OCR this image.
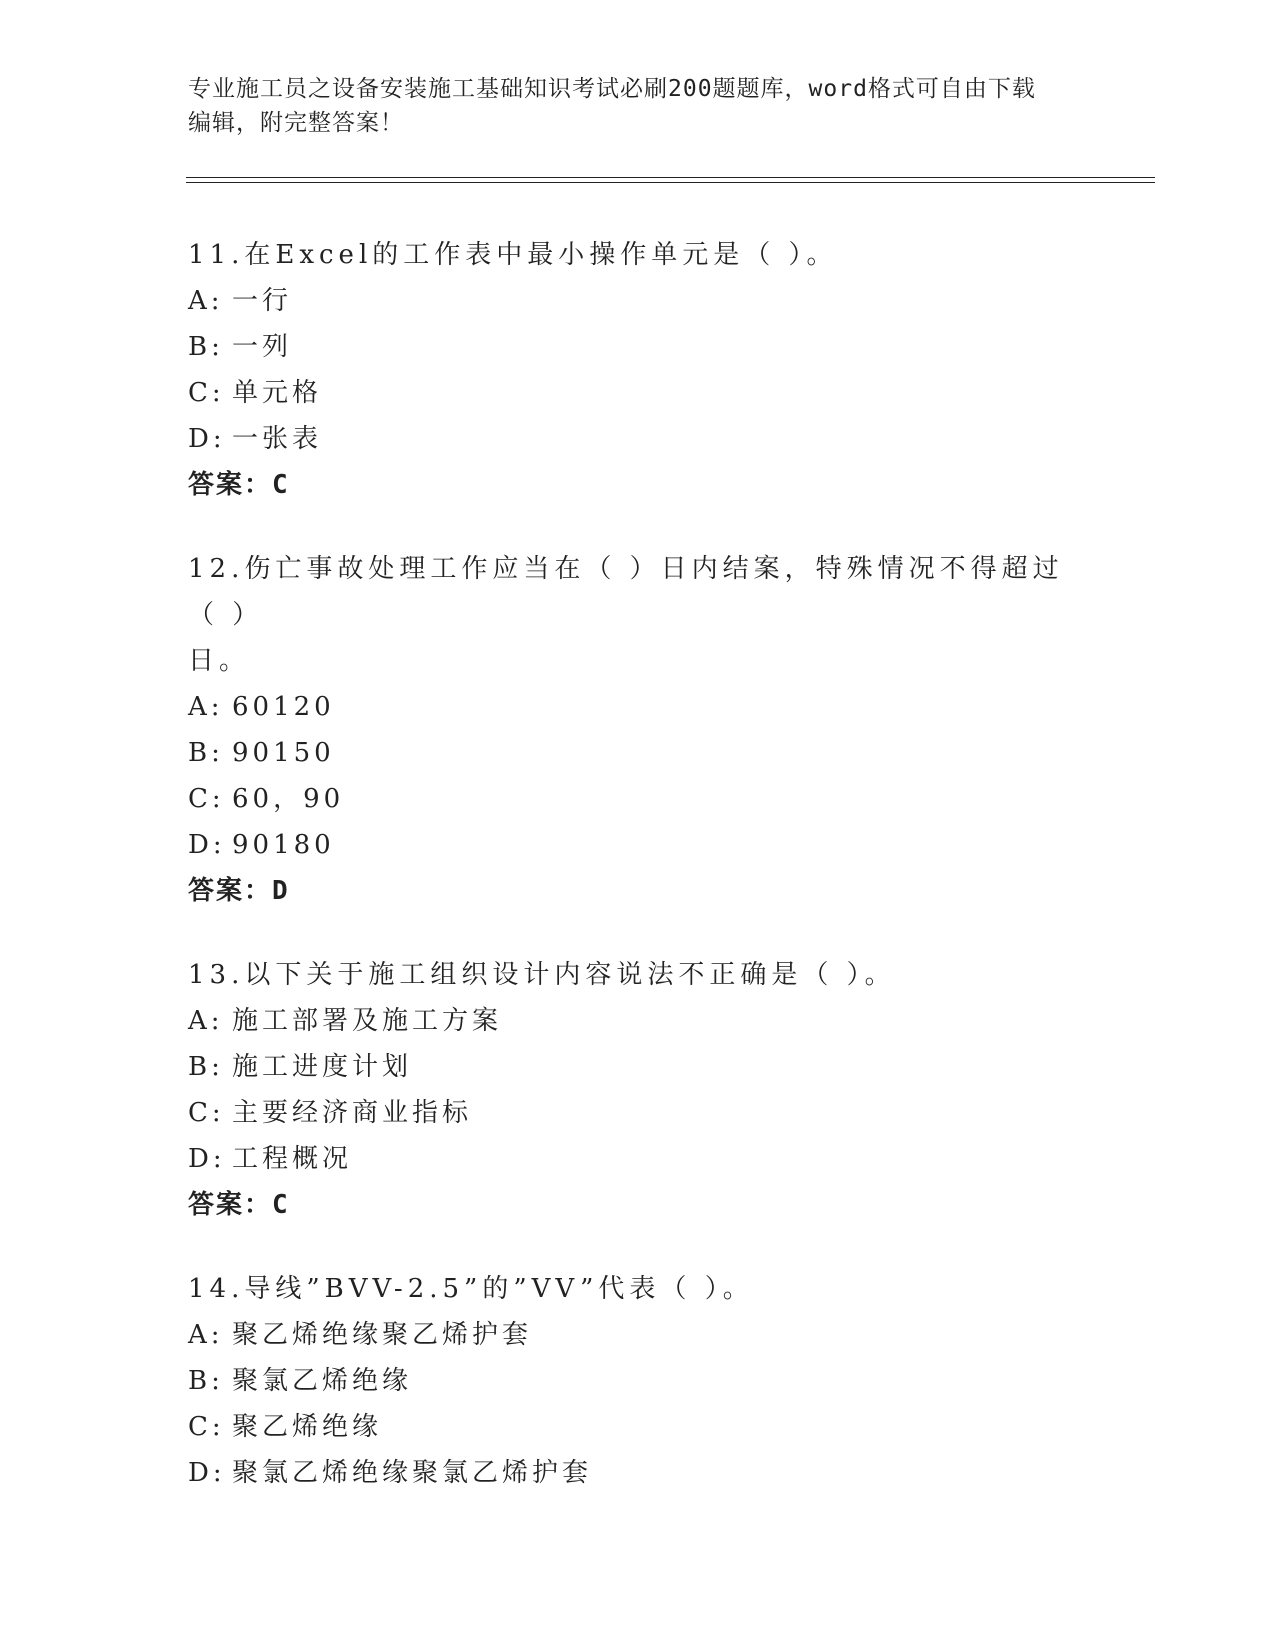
专业施工员之设备安装施工基础知识考试必刷200题题库，word格式可自由下载
编辑，附完整答案！
11.在Excel的工作表中最小操作单元是（ ）。
A: 一行
B: 一列
C: 单元格
D: 一张表
答案：C
12.伤亡事故处理工作应当在（ ）日内结案，特殊情况不得超过（ ）
日。
A: 60120
B: 90150
C: 60，90
D: 90180
答案：D
13.以下关于施工组织设计内容说法不正确是（ ）。
A: 施工部署及施工方案
B: 施工进度计划
C: 主要经济商业指标
D: 工程概况
答案：C
14.导线”BVV-2.5”的”VV”代表（ ）。
A: 聚乙烯绝缘聚乙烯护套
B: 聚氯乙烯绝缘
C: 聚乙烯绝缘
D: 聚氯乙烯绝缘聚氯乙烯护套
